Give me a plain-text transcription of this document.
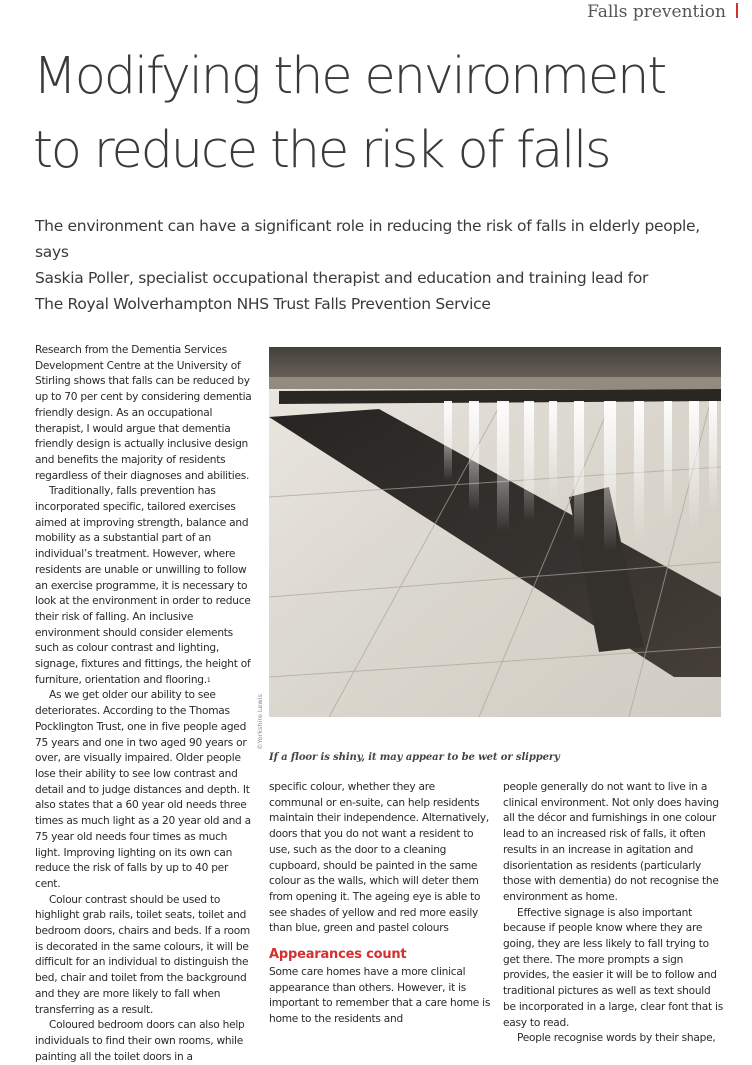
Falls prevention
Modifying the environment
to reduce the risk of falls

The environment can have a significant role in reducing the risk of falls in elderly people, says
Saskia Poller, specialist occupational therapist and education and training lead for
The Royal Wolverhampton NHS Trust Falls Prevention Service

Research from the Dementia Services Development Centre at the University of Stirling shows that falls can be reduced by up to 70 per cent by considering dementia friendly design. As an occupational therapist, I would argue that dementia friendly design is actually inclusive design and benefits the majority of residents regardless of their diagnoses and abilities.

Traditionally, falls prevention has incorporated specific, tailored exercises aimed at improving strength, balance and mobility as a substantial part of an individual’s treatment. However, where residents are unable or unwilling to follow an exercise programme, it is necessary to look at the environment in order to reduce their risk of falling. An inclusive environment should consider elements such as colour contrast and lighting, signage, fixtures and fittings, the height of furniture, orientation and flooring.$^1$

As we get older our ability to see deteriorates. According to the Thomas Pocklington Trust, one in five people aged 75 years and one in two aged 90 years or over, are visually impaired. Older people lose their ability to see low contrast and detail and to judge distances and depth. It also states that a 60 year old needs three times as much light as a 20 year old and a 75 year old needs four times as much light. Improving lighting on its own can reduce the risk of falls by up to 40 per cent.

Colour contrast should be used to highlight grab rails, toilet seats, toilet and bedroom doors, chairs and beds. If a room is decorated in the same colours, it will be difficult for an individual to distinguish the bed, chair and toilet from the background and they are more likely to fall when transferring as a result.

Coloured bedroom doors can also help individuals to find their own rooms, while painting all the toilet doors in a

©Yorkshire Lewis
If a floor is shiny, it may appear to be wet or slippery

specific colour, whether they are communal or en-suite, can help residents maintain their independence. Alternatively, doors that you do not want a resident to use, such as the door to a cleaning cupboard, should be painted in the same colour as the walls, which will deter them from opening it. The ageing eye is able to see shades of yellow and red more easily than blue, green and pastel colours

Appearances count

Some care homes have a more clinical appearance than others. However, it is important to remember that a care home is home to the residents and

people generally do not want to live in a clinical environment. Not only does having all the décor and furnishings in one colour lead to an increased risk of falls, it often results in an increase in agitation and disorientation as residents (particularly those with dementia) do not recognise the environment as home.

Effective signage is also important because if people know where they are going, they are less likely to fall trying to get there. The more prompts a sign provides, the easier it will be to follow and traditional pictures as well as text should be incorporated in a large, clear font that is easy to read.

People recognise words by their shape,
